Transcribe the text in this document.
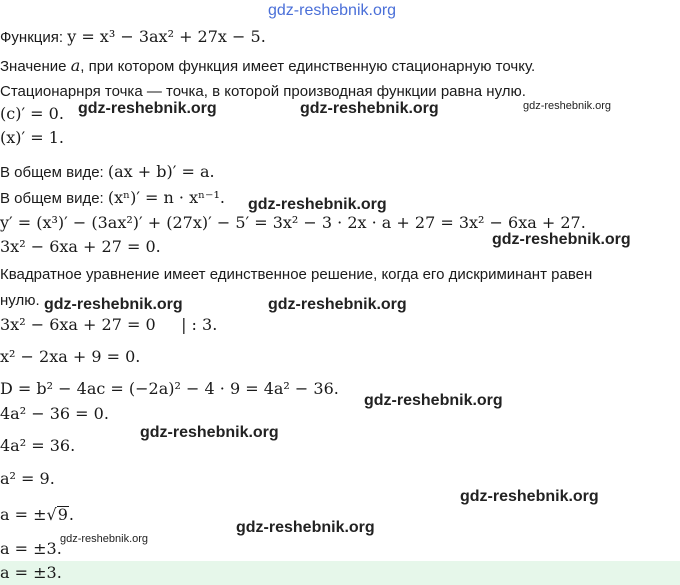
gdz-reshebnik.org
Функция: y = x³ − 3ax² + 27x − 5.
Значение a, при котором функция имеет единственную стационарную точку.
Стационарнря точка — точка, в которой производная функции равна нулю.
(c)′ = 0. gdz-reshebnik.org	gdz-reshebnik.org	gdz-reshebnik.org
(x)′ = 1.
В общем виде: (ax + b)′ = a.
В общем виде: (xⁿ)′ = n · xⁿ⁻¹. gdz-reshebnik.org
y′ = (x³)′ − (3ax²)′ + (27x)′ − 5′ = 3x² − 3 · 2x · a + 27 = 3x² − 6xa + 27.
3x² − 6xa + 27 = 0.	gdz-reshebnik.org
Квадратное уравнение имеет единственное решение, когда его дискриминант равен
нулю. gdz-reshebnik.org	gdz-reshebnik.org
3x² − 6xa + 27 = 0     | : 3.
x² − 2xa + 9 = 0.
D = b² − 4ac = (−2a)² − 4 · 9 = 4a² − 36.
gdz-reshebnik.org
4a² − 36 = 0.
gdz-reshebnik.org
4a² = 36.
a² = 9.
gdz-reshebnik.org
a = ±√9.
gdz-reshebnik.org
a = ±3.
gdz-reshebnik.org
a = ±3.
